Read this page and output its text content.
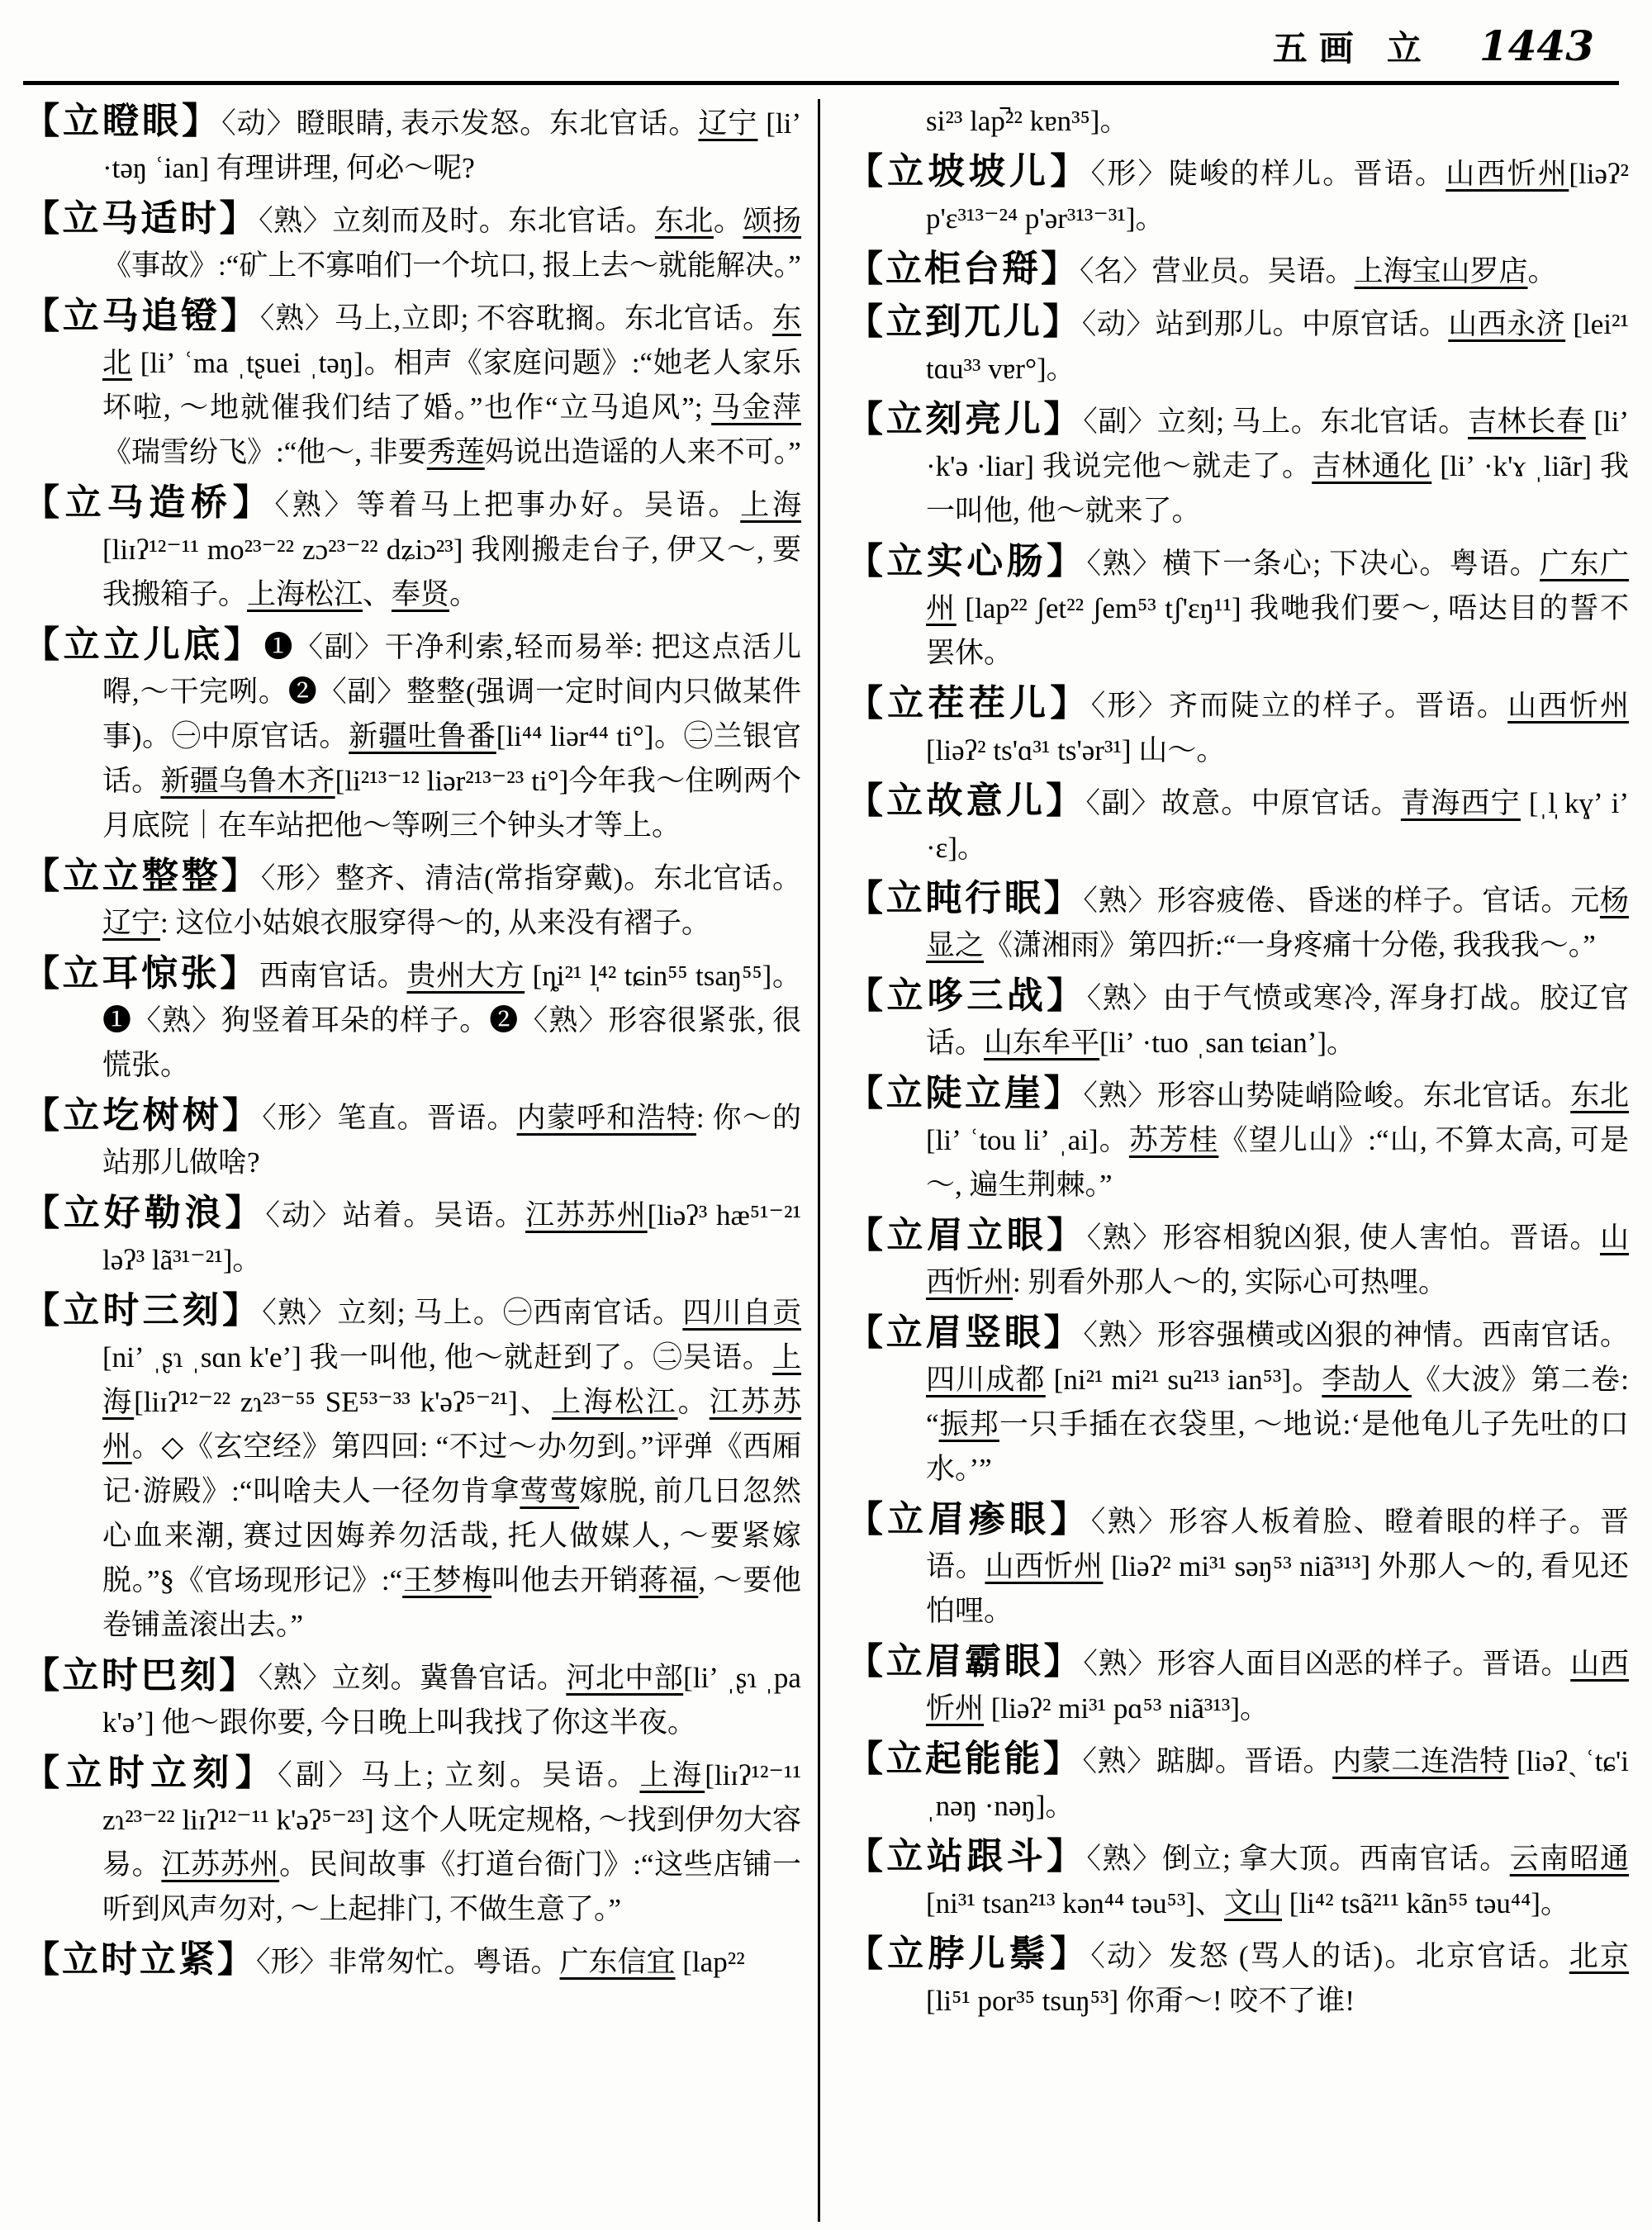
五画 立 1443
【立瞪眼】〈动〉瞪眼睛, 表示发怒。东北官话。辽宁 [liʼ ·təŋ ʿian] 有理讲理, 何必～呢?
【立马适时】〈熟〉立刻而及时。东北官话。东北。颂扬《事故》:“矿上不寡咱们一个坑口, 报上去～就能解决。”
【立马追镫】〈熟〉马上,立即; 不容耽搁。东北官话。东北 [liʼ ʿma ˌtʂuei ˌtəŋ]。相声《家庭问题》:“她老人家乐坏啦, ～地就催我们结了婚。”也作“立马追风”; 马金萍《瑞雪纷飞》:“他～, 非要秀莲妈说出造谣的人来不可。”
【立马造桥】〈熟〉等着马上把事办好。吴语。上海 [liɪʔ¹²⁻¹¹ mo²³⁻²² zɔ²³⁻²² dʑiɔ²³] 我刚搬走台子, 伊又～, 要我搬箱子。上海松江、奉贤。
【立立儿底】❶〈副〉干净利索,轻而易举: 把这点活儿嘚,～干完咧。❷〈副〉整整(强调一定时间内只做某件事)。㊀中原官话。新疆吐鲁番[li⁴⁴ liər⁴⁴ ti°]。㊁兰银官话。新疆乌鲁木齐[li²¹³⁻¹² liər²¹³⁻²³ ti°]今年我～住咧两个月底院｜在车站把他～等咧三个钟头才等上。
【立立整整】〈形〉整齐、清洁(常指穿戴)。东北官话。辽宁: 这位小姑娘衣服穿得～的, 从来没有褶子。
【立耳惊张】西南官话。贵州大方 [ȵi²¹ l̩⁴² tɕin⁵⁵ tsaŋ⁵⁵]。❶〈熟〉狗竖着耳朵的样子。❷〈熟〉形容很紧张, 很慌张。
【立圪树树】〈形〉笔直。晋语。内蒙呼和浩特: 你～的站那儿做啥?
【立好勒浪】〈动〉站着。吴语。江苏苏州[liəʔ³ hæ⁵¹⁻²¹ ləʔ³ lã³¹⁻²¹]。
【立时三刻】〈熟〉立刻; 马上。㊀西南官话。四川自贡 [niʼ ˌʂɿ ˌsɑn k'eʼ] 我一叫他, 他～就赶到了。㊁吴语。上海[liɪʔ¹²⁻²² zɿ²³⁻⁵⁵ SE⁵³⁻³³ k'əʔ⁵⁻²¹]、上海松江。江苏苏州。◇《玄空经》第四回: “不过～办勿到。”评弹《西厢记·游殿》:“叫啥夫人一径勿肯拿莺莺嫁脱, 前几日忽然心血来潮, 赛过因娒养勿活哉, 托人做媒人, ～要紧嫁脱。”§《官场现形记》:“王梦梅叫他去开销蒋福, ～要他卷铺盖滚出去。”
【立时巴刻】〈熟〉立刻。冀鲁官话。河北中部[liʼ ˌʂɿ ˌpa k'əʼ] 他～跟你要, 今日晚上叫我找了你这半夜。
【立时立刻】〈副〉马上; 立刻。吴语。上海[liɪʔ¹²⁻¹¹ zɿ²³⁻²² liɪʔ¹²⁻¹¹ k'əʔ⁵⁻²³] 这个人呒定规格, ～找到伊勿大容易。江苏苏州。民间故事《打道台衙门》:“这些店铺一听到风声勿对, ～上起排门, 不做生意了。”
【立时立紧】〈形〉非常匆忙。粤语。广东信宜 [lap²²
si²³ lap̚²² kɐn³⁵]。
【立坡坡儿】〈形〉陡峻的样儿。晋语。山西忻州[liəʔ² p'ɛ³¹³⁻²⁴ p'ər³¹³⁻³¹]。
【立柜台搿】〈名〉营业员。吴语。上海宝山罗店。
【立到兀儿】〈动〉站到那儿。中原官话。山西永济 [lei²¹ tɑu³³ vɐr°]。
【立刻亮儿】〈副〉立刻; 马上。东北官话。吉林长春 [liʼ ·k'ə ·liar] 我说完他～就走了。吉林通化 [liʼ ·k'ɤ ˌliãr] 我一叫他, 他～就来了。
【立实心肠】〈熟〉横下一条心; 下决心。粤语。广东广州 [lap²² ʃet²² ʃem⁵³ tʃ'ɛŋ¹¹] 我哋我们要～, 唔达目的誓不罢休。
【立茬茬儿】〈形〉齐而陡立的样子。晋语。山西忻州[liəʔ² ts'ɑ³¹ ts'ər³¹] 山～。
【立故意儿】〈副〉故意。中原官话。青海西宁 [ˌl̩ kɣʼ iʼ ·ɛ]。
【立盹行眠】〈熟〉形容疲倦、昏迷的样子。官话。元杨显之《潇湘雨》第四折:“一身疼痛十分倦, 我我我～。”
【立哆三战】〈熟〉由于气愤或寒冷, 浑身打战。胶辽官话。山东牟平[liʼ ·tuo ˌsan tɕianʼ]。
【立陡立崖】〈熟〉形容山势陡峭险峻。东北官话。东北 [liʼ ʿtou liʼ ˌai]。苏芳桂《望儿山》:“山, 不算太高, 可是～, 遍生荆棘。”
【立眉立眼】〈熟〉形容相貌凶狠, 使人害怕。晋语。山西忻州: 别看外那人～的, 实际心可热哩。
【立眉竖眼】〈熟〉形容强横或凶狠的神情。西南官话。四川成都 [ni²¹ mi²¹ su²¹³ ian⁵³]。李劼人《大波》第二卷:“振邦一只手插在衣袋里, ～地说:‘是他龟儿子先吐的口水。’”
【立眉瘆眼】〈熟〉形容人板着脸、瞪着眼的样子。晋语。山西忻州 [liəʔ² mi³¹ səŋ⁵³ niã³¹³] 外那人～的, 看见还怕哩。
【立眉霸眼】〈熟〉形容人面目凶恶的样子。晋语。山西忻州 [liəʔ² mi³¹ pɑ⁵³ niã³¹³]。
【立起能能】〈熟〉踮脚。晋语。内蒙二连浩特 [liəʔˎ ʿtɕ'i ˌnəŋ ·nəŋ]。
【立站跟斗】〈熟〉倒立; 拿大顶。西南官话。云南昭通 [ni³¹ tsan²¹³ kən⁴⁴ təu⁵³]、文山 [li⁴² tsã²¹¹ kãn⁵⁵ təu⁴⁴]。
【立脖儿鬃】〈动〉发怒 (骂人的话)。北京官话。北京 [li⁵¹ por³⁵ tsuŋ⁵³] 你甭～! 咬不了谁!
